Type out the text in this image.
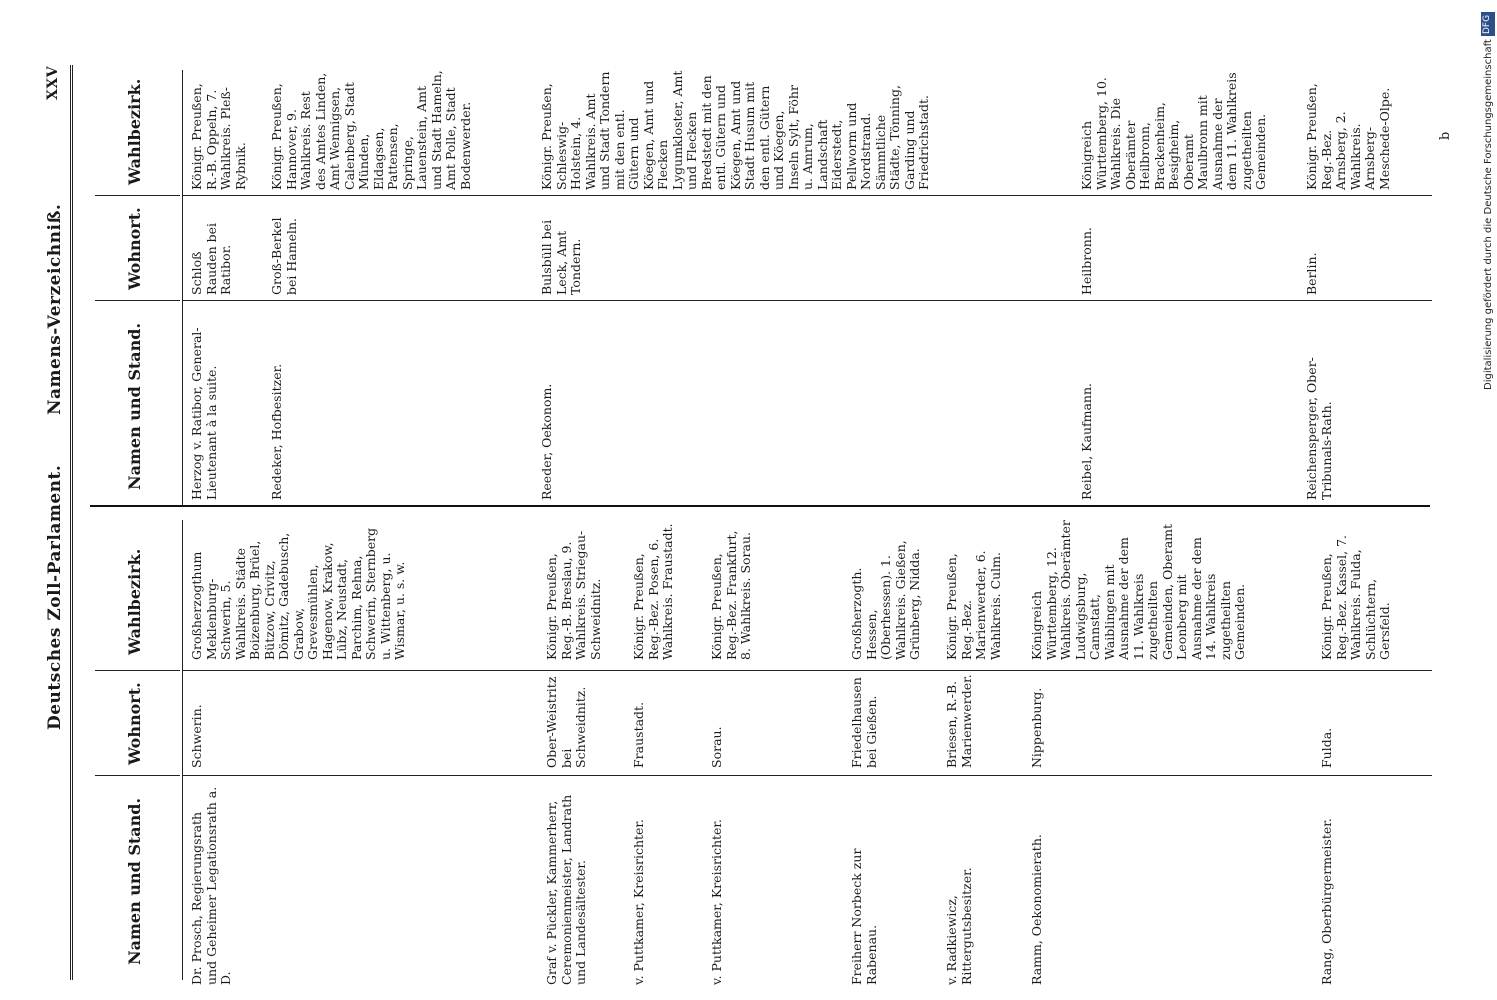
Deutsches Zoll-Parlament.
Namens-Verzeichniß.
XXV
Namen und Stand.
Wohnort.
Wahlbezirk.
Namen und Stand.
Wohnort.
Wahlbezirk.
Dr. Prosch, Regierungsrath und Geheimer Legationsrath a. D.
Schwerin.
Großherzogthum Meklenburg-Schwerin, 5. Wahlkreis. Städte Boizenburg, Brüel, Bützow, Crivitz, Dömitz, Gadebusch, Grabow, Grevesmühlen, Hagenow, Krakow, Lübz, Neustadt, Parchim, Rehna, Schwerin, Sternberg u. Wittenberg, u. Wismar, u. s. w.
Graf v. Pückler, Kammerherr, Ceremonienmeister, Landrath und Landesältester.
Ober-Weistritz bei Schweidnitz.
Königr. Preußen, Reg.-B. Breslau, 9. Wahlkreis. Striegau-Schweidnitz.
v. Puttkamer, Kreisrichter.
Fraustadt.
Königr. Preußen, Reg.-Bez. Posen, 6. Wahlkreis. Fraustadt.
v. Puttkamer, Kreisrichter.
Sorau.
Königr. Preußen, Reg.-Bez. Frankfurt, 8. Wahlkreis. Sorau.
Freiherr Norbeck zur Rabenau.
Friedelhausen bei Gießen.
Großherzogth. Hessen, (Oberhessen). 1. Wahlkreis. Gießen, Grünberg, Nidda.
v. Radkiewicz, Rittergutsbesitzer.
Briesen, R.-B. Marienwerder.
Königr. Preußen, Reg.-Bez. Marienwerder, 6. Wahlkreis. Culm.
Ramm, Oekonomierath.
Nippenburg.
Königreich Württemberg, 12. Wahlkreis. Oberämter Ludwigsburg, Cannstatt, Waiblingen mit Ausnahme der dem 11. Wahlkreis zugetheilten Gemeinden, Oberamt Leonberg mit Ausnahme der dem 14. Wahlkreis zugetheilten Gemeinden.
Rang, Oberbürgermeister.
Fulda.
Königr. Preußen, Reg.-Bez. Kassel, 7. Wahlkreis. Fulda, Schlüchtern, Gersfeld.
Herzog v. Ratibor, General-Lieutenant à la suite.
Schloß Rauden bei Ratibor.
Königr. Preußen, R.-B. Oppeln, 7. Wahlkreis. Pleß-Rybnik.
Redeker, Hofbesitzer.
Groß-Berkel bei Hameln.
Königr. Preußen, Hannover, 9. Wahlkreis. Rest des Amtes Linden, Amt Wennigsen, Calenberg, Stadt Münden, Eldagsen, Pattensen, Springe, Lauenstein, Amt und Stadt Hameln, Amt Polle, Stadt Bodenwerder.
Reeder, Oekonom.
Bulsbüll bei Leck, Amt Tondern.
Königr. Preußen, Schleswig-Holstein, 4. Wahlkreis. Amt und Stadt Tondern mit den entl. Gütern und Köegen, Amt und Flecken Lygumkloster, Amt und Flecken Bredstedt mit den entl. Gütern und Köegen, Amt und Stadt Husum mit den entl. Gütern und Köegen, Inseln Sylt, Föhr u. Amrum, Landschaft Eiderstedt, Pellworm und Nordstrand. Sämmtliche Städte, Tönning, Garding und Friedrichstadt.
Reibel, Kaufmann.
Heilbronn.
Königreich Württemberg, 10. Wahlkreis. Die Oberämter Heilbronn, Brackenheim, Besigheim, Oberamt Maulbronn mit Ausnahme der dem 11. Wahlkreis zugetheilten Gemeinden.
Reichensperger, Ober-Tribunals-Rath.
Berlin.
Königr. Preußen, Reg.-Bez. Arnsberg, 2. Wahlkreis. Arnsberg-Meschede-Olpe.	b
DFG
Digitalisierung gefördert durch die Deutsche Forschungsgemeinschaft
